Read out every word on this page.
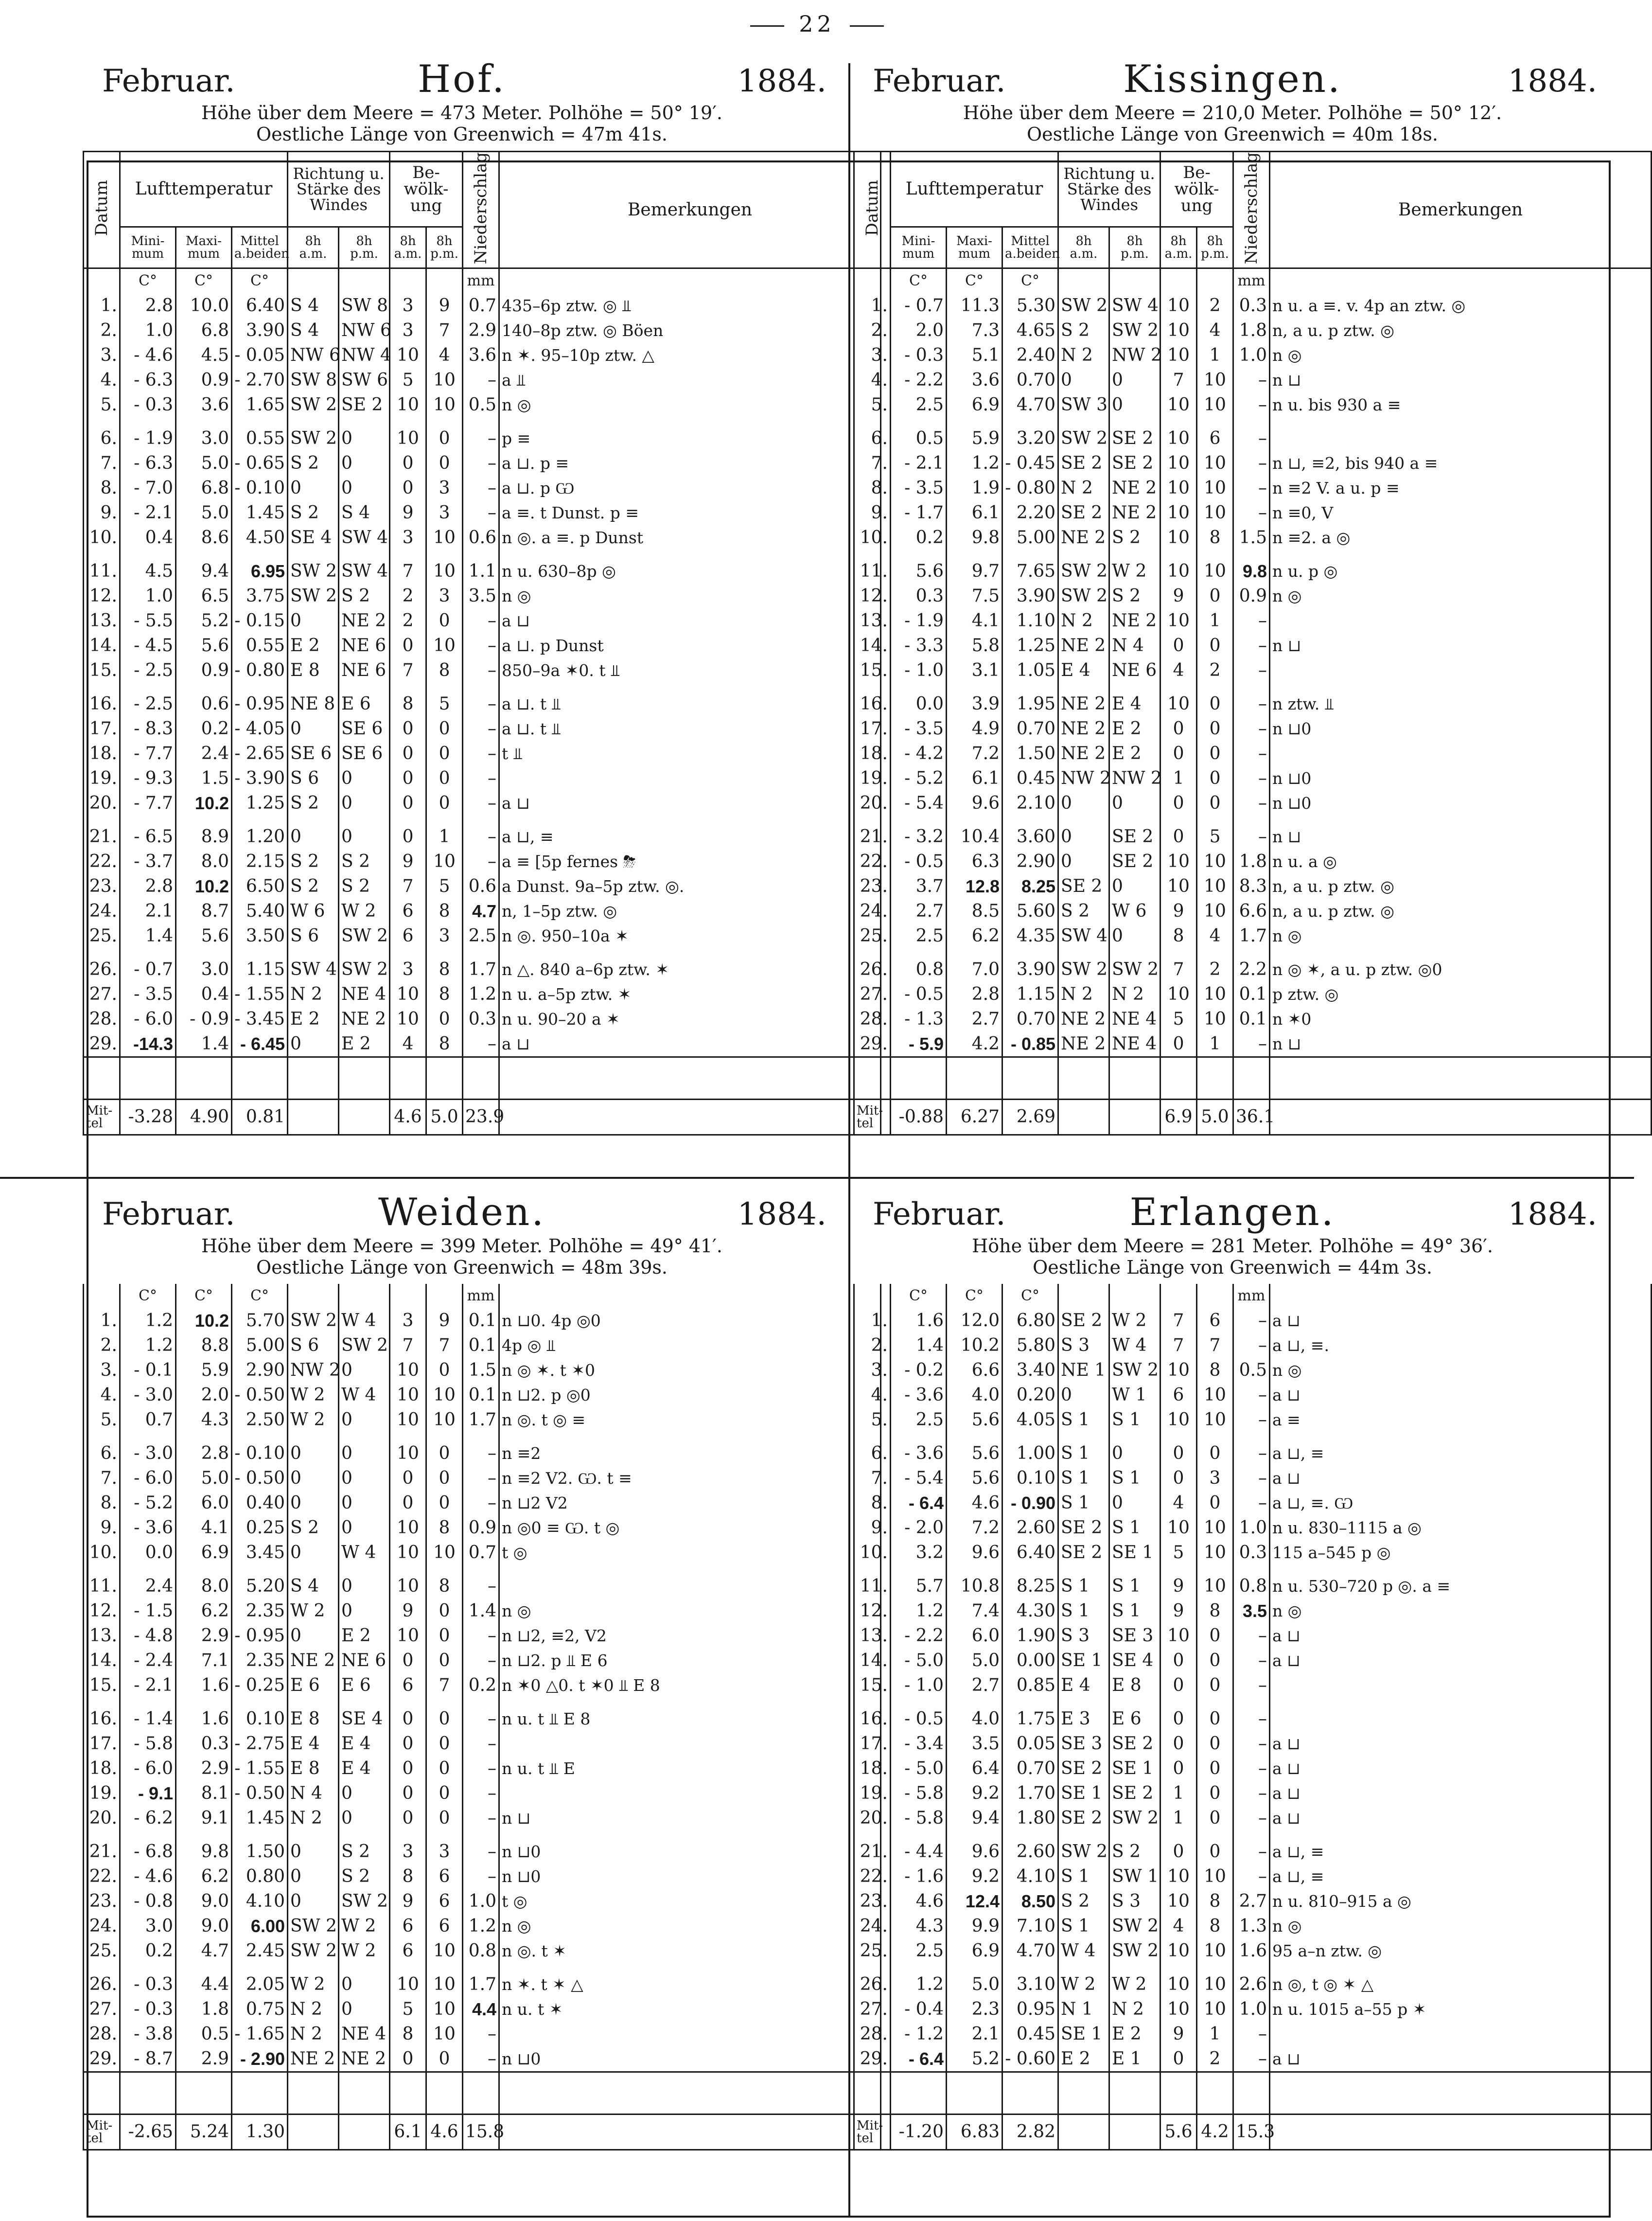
22
Februar.	Hof.	1884.
Höhe über dem Meere = 473 Meter. Polhöhe = 50° 19′.
Oestliche Länge von Greenwich = 47m 41s.
Datum	Lufttemperatur			Richtung u. Stärke des Windes		Be-wölk-ung		Niederschlag	Bemerkungen
	Mini-mum	Maxi-mum	Mittel a.beiden	8h a.m.	8h p.m.	8h a.m.	8h p.m.		
	C°	C°	C°					mm	
1.	2.8	10.0	6.40	S 4	SW 8	3	9	0.7	435–6p ztw. ◎ ⫫
2.	1.0	6.8	3.90	S 4	NW 6	3	7	2.9	140–8p ztw. ◎ Böen
3.	- 4.6	4.5	- 0.05	NW 6	NW 4	10	4	3.6	n ✶. 95–10p ztw. △
4.	- 6.3	0.9	- 2.70	SW 8	SW 6	5	10	–	a ⫫
5.	- 0.3	3.6	1.65	SW 2	SE 2	10	10	0.5	n ◎

6.	- 1.9	3.0	0.55	SW 2	0	10	0	–	p ≡
7.	- 6.3	5.0	- 0.65	S 2	0	0	0	–	a ⊔. p ≡
8.	- 7.0	6.8	- 0.10	0	0	0	3	–	a ⊔. p Ѡ
9.	- 2.1	5.0	1.45	S 2	S 4	9	3	–	a ≡. t Dunst. p ≡
10.	0.4	8.6	4.50	SE 4	SW 4	3	10	0.6	n ◎. a ≡. p Dunst

11.	4.5	9.4	6.95	SW 2	SW 4	7	10	1.1	n u. 630–8p ◎
12.	1.0	6.5	3.75	SW 2	S 2	2	3	3.5	n ◎
13.	- 5.5	5.2	- 0.15	0	NE 2	2	0	–	a ⊔
14.	- 4.5	5.6	0.55	E 2	NE 6	0	10	–	a ⊔. p Dunst
15.	- 2.5	0.9	- 0.80	E 8	NE 6	7	8	–	850–9a ✶0. t ⫫

16.	- 2.5	0.6	- 0.95	NE 8	E 6	8	5	–	a ⊔. t ⫫
17.	- 8.3	0.2	- 4.05	0	SE 6	0	0	–	a ⊔. t ⫫
18.	- 7.7	2.4	- 2.65	SE 6	SE 6	0	0	–	t ⫫
19.	- 9.3	1.5	- 3.90	S 6	0	0	0	–	
20.	- 7.7	10.2	1.25	S 2	0	0	0	–	a ⊔

21.	- 6.5	8.9	1.20	0	0	0	1	–	a ⊔, ≡
22.	- 3.7	8.0	2.15	S 2	S 2	9	10	–	a ≡ [5p fernes ⛈
23.	2.8	10.2	6.50	S 2	S 2	7	5	0.6	a Dunst. 9a–5p ztw. ◎.
24.	2.1	8.7	5.40	W 6	W 2	6	8	4.7	n, 1–5p ztw. ◎
25.	1.4	5.6	3.50	S 6	SW 2	6	3	2.5	n ◎. 950–10a ✶

26.	- 0.7	3.0	1.15	SW 4	SW 2	3	8	1.7	n △. 840 a–6p ztw. ✶
27.	- 3.5	0.4	- 1.55	N 2	NE 4	10	8	1.2	n u. a–5p ztw. ✶
28.	- 6.0	- 0.9	- 3.45	E 2	NE 2	10	0	0.3	n u. 90–20 a ✶
29.	-14.3	1.4	- 6.45	0	E 2	4	8	–	a ⊔

Mit-tel	-3.28	4.90	0.81			4.6	5.0	23.9	
Februar.	Kissingen.	1884.
Höhe über dem Meere = 210,0 Meter. Polhöhe = 50° 12′.
Oestliche Länge von Greenwich = 40m 18s.
Datum	Lufttemperatur			Richtung u. Stärke des Windes		Be-wölk-ung		Niederschlag	Bemerkungen
	Mini-mum	Maxi-mum	Mittel a.beiden	8h a.m.	8h p.m.	8h a.m.	8h p.m.		
	C°	C°	C°					mm	
1.	- 0.7	11.3	5.30	SW 2	SW 4	10	2	0.3	n u. a ≡. v. 4p an ztw. ◎
2.	2.0	7.3	4.65	S 2	SW 2	10	4	1.8	n, a u. p ztw. ◎
3.	- 0.3	5.1	2.40	N 2	NW 2	10	1	1.0	n ◎
4.	- 2.2	3.6	0.70	0	0	7	10	–	n ⊔
5.	2.5	6.9	4.70	SW 3	0	10	10	–	n u. bis 930 a ≡

6.	0.5	5.9	3.20	SW 2	SE 2	10	6	–	
7.	- 2.1	1.2	- 0.45	SE 2	SE 2	10	10	–	n ⊔, ≡2, bis 940 a ≡
8.	- 3.5	1.9	- 0.80	N 2	NE 2	10	10	–	n ≡2 V. a u. p ≡
9.	- 1.7	6.1	2.20	SE 2	NE 2	10	10	–	n ≡0, V
10.	0.2	9.8	5.00	NE 2	S 2	10	8	1.5	n ≡2. a ◎

11.	5.6	9.7	7.65	SW 2	W 2	10	10	9.8	n u. p ◎
12.	0.3	7.5	3.90	SW 2	S 2	9	0	0.9	n ◎
13.	- 1.9	4.1	1.10	N 2	NE 2	10	1	–	
14.	- 3.3	5.8	1.25	NE 2	N 4	0	0	–	n ⊔
15.	- 1.0	3.1	1.05	E 4	NE 6	4	2	–	

16.	0.0	3.9	1.95	NE 2	E 4	10	0	–	n ztw. ⫫
17.	- 3.5	4.9	0.70	NE 2	E 2	0	0	–	n ⊔0
18.	- 4.2	7.2	1.50	NE 2	E 2	0	0	–	
19.	- 5.2	6.1	0.45	NW 2	NW 2	1	0	–	n ⊔0
20.	- 5.4	9.6	2.10	0	0	0	0	–	n ⊔0

21.	- 3.2	10.4	3.60	0	SE 2	0	5	–	n ⊔
22.	- 0.5	6.3	2.90	0	SE 2	10	10	1.8	n u. a ◎
23.	3.7	12.8	8.25	SE 2	0	10	10	8.3	n, a u. p ztw. ◎
24.	2.7	8.5	5.60	S 2	W 6	9	10	6.6	n, a u. p ztw. ◎
25.	2.5	6.2	4.35	SW 4	0	8	4	1.7	n ◎

26.	0.8	7.0	3.90	SW 2	SW 2	7	2	2.2	n ◎ ✶, a u. p ztw. ◎0
27.	- 0.5	2.8	1.15	N 2	N 2	10	10	0.1	p ztw. ◎
28.	- 1.3	2.7	0.70	NE 2	NE 4	5	10	0.1	n ✶0
29.	- 5.9	4.2	- 0.85	NE 2	NE 4	0	1	–	n ⊔

Mit-tel	-0.88	6.27	2.69			6.9	5.0	36.1	
Februar.	Weiden.	1884.
Höhe über dem Meere = 399 Meter. Polhöhe = 49° 41′.
Oestliche Länge von Greenwich = 48m 39s.
	C°	C°	C°					mm	
1.	1.2	10.2	5.70	SW 2	W 4	3	9	0.1	n ⊔0. 4p ◎0
2.	1.2	8.8	5.00	S 6	SW 2	7	7	0.1	4p ◎ ⫫
3.	- 0.1	5.9	2.90	NW 2	0	10	0	1.5	n ◎ ✶. t ✶0
4.	- 3.0	2.0	- 0.50	W 2	W 4	10	10	0.1	n ⊔2. p ◎0
5.	0.7	4.3	2.50	W 2	0	10	10	1.7	n ◎. t ◎ ≡

6.	- 3.0	2.8	- 0.10	0	0	10	0	–	n ≡2
7.	- 6.0	5.0	- 0.50	0	0	0	0	–	n ≡2 V2. Ѡ. t ≡
8.	- 5.2	6.0	0.40	0	0	0	0	–	n ⊔2 V2
9.	- 3.6	4.1	0.25	S 2	0	10	8	0.9	n ◎0 ≡ Ѡ. t ◎
10.	0.0	6.9	3.45	0	W 4	10	10	0.7	t ◎

11.	2.4	8.0	5.20	S 4	0	10	8	–	
12.	- 1.5	6.2	2.35	W 2	0	9	0	1.4	n ◎
13.	- 4.8	2.9	- 0.95	0	E 2	10	0	–	n ⊔2, ≡2, V2
14.	- 2.4	7.1	2.35	NE 2	NE 6	0	0	–	n ⊔2. p ⫫ E 6
15.	- 2.1	1.6	- 0.25	E 6	E 6	6	7	0.2	n ✶0 △0. t ✶0 ⫫ E 8

16.	- 1.4	1.6	0.10	E 8	SE 4	0	0	–	n u. t ⫫ E 8
17.	- 5.8	0.3	- 2.75	E 4	E 4	0	0	–	
18.	- 6.0	2.9	- 1.55	E 8	E 4	0	0	–	n u. t ⫫ E
19.	- 9.1	8.1	- 0.50	N 4	0	0	0	–	
20.	- 6.2	9.1	1.45	N 2	0	0	0	–	n ⊔

21.	- 6.8	9.8	1.50	0	S 2	3	3	–	n ⊔0
22.	- 4.6	6.2	0.80	0	S 2	8	6	–	n ⊔0
23.	- 0.8	9.0	4.10	0	SW 2	9	6	1.0	t ◎
24.	3.0	9.0	6.00	SW 2	W 2	6	6	1.2	n ◎
25.	0.2	4.7	2.45	SW 2	W 2	6	10	0.8	n ◎. t ✶

26.	- 0.3	4.4	2.05	W 2	0	10	10	1.7	n ✶. t ✶ △
27.	- 0.3	1.8	0.75	N 2	0	5	10	4.4	n u. t ✶
28.	- 3.8	0.5	- 1.65	N 2	NE 4	8	10	–	
29.	- 8.7	2.9	- 2.90	NE 2	NE 2	0	0	–	n ⊔0

Mit-tel	-2.65	5.24	1.30			6.1	4.6	15.8	
Februar.	Erlangen.	1884.
Höhe über dem Meere = 281 Meter. Polhöhe = 49° 36′.
Oestliche Länge von Greenwich = 44m 3s.
	C°	C°	C°					mm	
1.	1.6	12.0	6.80	SE 2	W 2	7	6	–	a ⊔
2.	1.4	10.2	5.80	S 3	W 4	7	7	–	a ⊔, ≡.
3.	- 0.2	6.6	3.40	NE 1	SW 2	10	8	0.5	n ◎
4.	- 3.6	4.0	0.20	0	W 1	6	10	–	a ⊔
5.	2.5	5.6	4.05	S 1	S 1	10	10	–	a ≡

6.	- 3.6	5.6	1.00	S 1	0	0	0	–	a ⊔, ≡
7.	- 5.4	5.6	0.10	S 1	S 1	0	3	–	a ⊔
8.	- 6.4	4.6	- 0.90	S 1	0	4	0	–	a ⊔, ≡. Ѡ
9.	- 2.0	7.2	2.60	SE 2	S 1	10	10	1.0	n u. 830–1115 a ◎
10.	3.2	9.6	6.40	SE 2	SE 1	5	10	0.3	115 a–545 p ◎

11.	5.7	10.8	8.25	S 1	S 1	9	10	0.8	n u. 530–720 p ◎. a ≡
12.	1.2	7.4	4.30	S 1	S 1	9	8	3.5	n ◎
13.	- 2.2	6.0	1.90	S 3	SE 3	10	0	–	a ⊔
14.	- 5.0	5.0	0.00	SE 1	SE 4	0	0	–	a ⊔
15.	- 1.0	2.7	0.85	E 4	E 8	0	0	–	

16.	- 0.5	4.0	1.75	E 3	E 6	0	0	–	
17.	- 3.4	3.5	0.05	SE 3	SE 2	0	0	–	a ⊔
18.	- 5.0	6.4	0.70	SE 2	SE 1	0	0	–	a ⊔
19.	- 5.8	9.2	1.70	SE 1	SE 2	1	0	–	a ⊔
20.	- 5.8	9.4	1.80	SE 2	SW 2	1	0	–	a ⊔

21.	- 4.4	9.6	2.60	SW 2	S 2	0	0	–	a ⊔, ≡
22.	- 1.6	9.2	4.10	S 1	SW 1	10	10	–	a ⊔, ≡
23.	4.6	12.4	8.50	S 2	S 3	10	8	2.7	n u. 810–915 a ◎
24.	4.3	9.9	7.10	S 1	SW 2	4	8	1.3	n ◎
25.	2.5	6.9	4.70	W 4	SW 2	10	10	1.6	95 a–n ztw. ◎

26.	1.2	5.0	3.10	W 2	W 2	10	10	2.6	n ◎, t ◎ ✶ △
27.	- 0.4	2.3	0.95	N 1	N 2	10	10	1.0	n u. 1015 a–55 p ✶
28.	- 1.2	2.1	0.45	SE 1	E 2	9	1	–	
29.	- 6.4	5.2	- 0.60	E 2	E 1	0	2	–	a ⊔

Mit-tel	-1.20	6.83	2.82			5.6	4.2	15.3	
